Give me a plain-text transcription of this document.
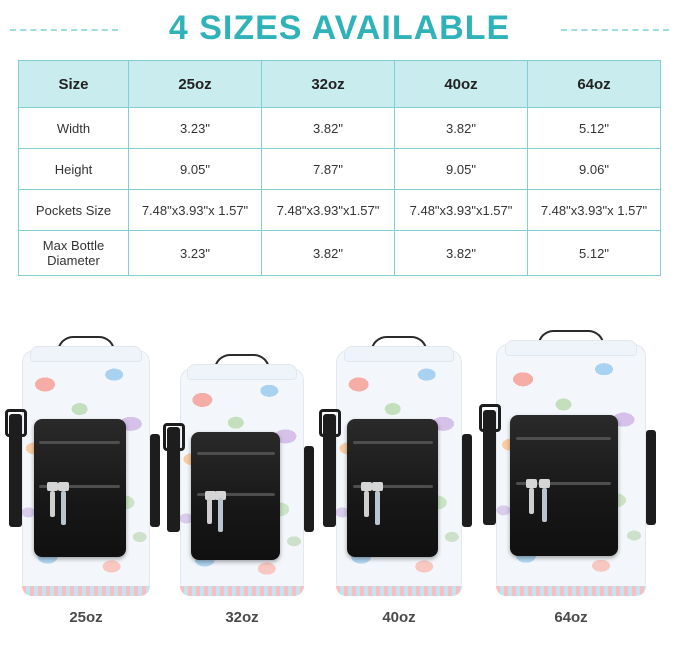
4 SIZES AVAILABLE
Size	25oz	32oz	40oz	64oz
Width	3.23"	3.82"	3.82"	5.12"
Height	9.05"	7.87"	9.05"	9.06"
Pockets Size	7.48"x3.93"x 1.57"	7.48"x3.93"x1.57"	7.48"x3.93"x1.57"	7.48"x3.93"x 1.57"
Max Bottle Diameter	3.23"	3.82"	3.82"	5.12"
25oz	32oz	40oz	64oz
